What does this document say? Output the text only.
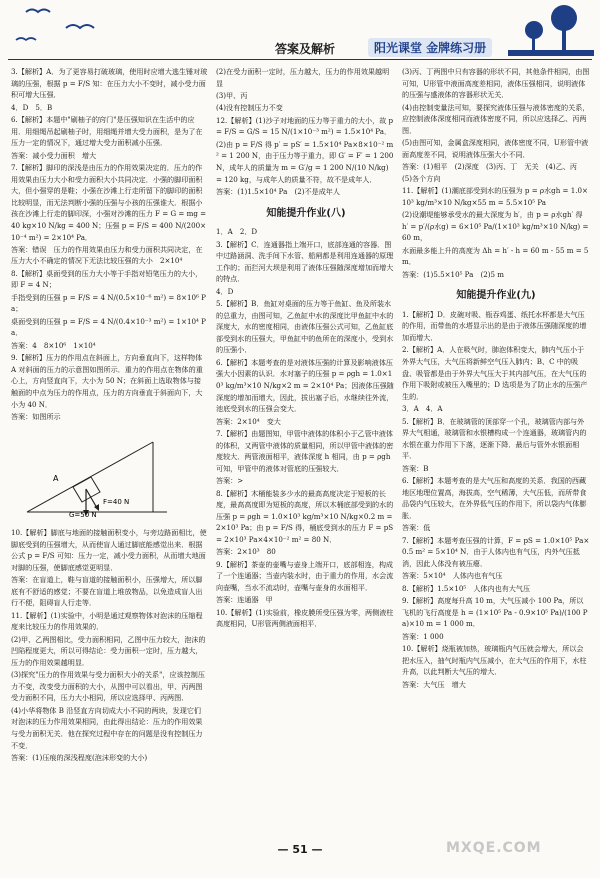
答案及解析	阳光课堂 金牌练习册

3.【解析】A．为了更容易打破玻璃，使用时应增大逃生锤对玻璃的压强，根据 p = F/S 知：在压力大小不变时，减小受力面积可增大压强．

4．D　5．B

6.【解析】本题中"刷柚子的窍门"是压强知识在生活中的应用．用细绳吊起刷柚子时，用细绳并增大受力面积，是为了在压力一定的情况下，通过增大受力面积减小压强．

答案：减小受力面积　增大

7.【解析】脚印的深浅是由压力的作用效果决定的．压力的作用效果由压力大小和受力面积大小共同决定．小强的脚印面积大，但小强穿的是鞋；小强在沙滩上行走所留下的脚印的面积比较明显，而无法判断小强的压强与小孩的压强谁大．根据小孩在沙滩上行走的脚印深，小强对沙滩的压力 F = G = mg = 40 kg×10 N/kg = 400 N；压强 p = F/S = 400 N/(200×10⁻⁴ m²) = 2×10⁴ Pa．

答案：错误　压力的作用效果由压力和受力面积共同决定，在压力大小不确定的情况下无法比较压强的大小　2×10⁴

8.【解析】桌面受到的压力大小等于手指对铅笔压力的大小，即 F = 4 N；

手指受到的压强 p = F/S = 4 N/(0.5×10⁻⁶ m²) = 8×10⁶ Pa；

桌面受到的压强 p = F/S = 4 N/(0.4×10⁻³ m²) = 1×10⁴ Pa．

答案：4　8×10⁶　1×10⁴

9.【解析】压力的作用点在斜面上，方向垂直向下，这样物体 A 对斜面的压力的示意图如图所示．重力的作用点在物体的重心上，方向竖直向下，大小为 50 N；在斜面上选取物体与接触面的中点为压力的作用点，压力的方向垂直于斜面向下，大小为 40 N．

答案：如图所示

A
F=40 N
G=50 N

10.【解析】脚底与地面的接触面积变小，与旁边路面相比，使脚底受到的压强增大，从而使盲人通过脚底能感觉出来．根据公式 p = F/S 可知：压力一定，减小受力面积，从而增大地面对脚的压强，使脚底感觉更明显．

答案：在盲道上，鞋与盲道的接触面积小，压强增大，所以脚底有不舒适的感觉；不要在盲道上堆放物品，以免造成盲人出行不便，阻碍盲人行走等．

11.【解析】(1)实验中，小明是通过观察物体对泡沫的压缩程度来比较压力的作用效果的．

(2)甲、乙两图相比，受力面积相同，乙图中压力较大，泡沫的凹陷程度更大，所以可得结论：受力面积一定时，压力越大，压力的作用效果越明显．

(3)探究"压力的作用效果与受力面积大小的关系"，应该控制压力不变，改变受力面积的大小，从图中可以看出，甲、丙两图受力面积不同，压力大小相同，所以应选择甲、丙两图．

(4)小华将物体 B 沿竖直方向切成大小不同的两块，发现它们对泡沫的压力作用效果相同，由此得出结论：压力的作用效果与受力面积无关．他在探究过程中存在的问题是没有控制压力不变．

答案：(1)压痕的深浅程度(泡沫形变的大小)

(2)在受力面积一定时，压力越大，压力的作用效果越明显

(3)甲、丙

(4)没有控制压力不变

12.【解析】(1)沙子对地面的压力等于重力的大小，故 p = F/S = G/S = 15 N/(1×10⁻³ m²) = 1.5×10⁴ Pa．

(2)由 p = F/S 得 p′ = pS′ = 1.5×10⁴ Pa×8×10⁻² m² = 1 200 N，由于压力等于重力，即 G′ = F′ = 1 200 N，成年人的质量为 m = G′/g = 1 200 N/(10 N/kg) = 120 kg，与成年人的质量不符，故不是成年人．

答案：(1)1.5×10⁴ Pa　(2)不是成年人

知能提升作业(八)

1．A　2．D

3.【解析】C．连通器指上端开口，底部连通的容器．图中过路涵洞、洗手间下水管、船闸都是利用连通器的原理工作的；而拦河大坝是利用了液体压强随深度增加而增大的特点．

4．D

5.【解析】B．鱼缸对桌面的压力等于鱼缸、鱼及所装水的总重力，由图可知，乙鱼缸中水的深度比甲鱼缸中水的深度大，水的密度相同，由液体压强公式可知，乙鱼缸底部受到水的压强大，甲鱼缸中的鱼所在的深度小，受到水的压强小．

6.【解析】本题考查的是对液体压强的计算及影响液体压强大小因素的认识．水对塞子的压强 p = ρgh = 1.0×10³ kg/m³×10 N/kg×2 m = 2×10⁴ Pa；因液体压强随深度的增加而增大，因此，拔出塞子后，水继续往外流，池底受到水的压强会变大．

答案：2×10⁴　变大

7.【解析】由题图知，甲管中液体的体积小于乙管中液体的体积，又两管中液体的质量相同，所以甲管中液体的密度较大．两管液面相平，液体深度 h 相同，由 p = ρgh 可知，甲管中的液体对管底的压强较大．

答案：>

8.【解析】木桶能装多少水的最高高度决定于短板的长度，最高高度即为短板的高度，所以木桶底部受到的水的压强 p = ρgh = 1.0×10³ kg/m³×10 N/kg×0.2 m = 2×10³ Pa；由 p = F/S 得，桶底受到水的压力 F = pS = 2×10³ Pa×4×10⁻² m² = 80 N．

答案：2×10³　80

9.【解析】茶壶的壶嘴与壶身上端开口，底部相连，构成了一个连通器；当壶内装水时，由于重力的作用，水会流向壶嘴，当水不流动时，壶嘴与壶身的水面相平．

答案：连通器　甲

10.【解析】(1)实验前，橡皮膜所受压强为零，两侧液柱高度相同，U形管两侧液面相平．

(3)丙、丁两图中只有容器的形状不同，其他条件相同，由图可知，U形管中液面高度差相同，液体压强相同，说明液体的压强与盛液体的容器形状无关．

(4)由控制变量法可知，要探究液体压强与液体密度的关系，应控制液体深度相同而液体密度不同，所以应选择乙、丙两图．

(5)由图可知，金属盒深度相同，液体密度不同，U形管中液面高度差不同，说明液体压强大小不同．

答案：(1)相平　(2)深度　(3)丙、丁　无关　(4)乙、丙　(5)各个方向

11.【解析】(1)潮底部受到水的压强为 p = ρ水gh = 1.0×10³ kg/m³×10 N/kg×55 m = 5.5×10⁵ Pa

(2)设潮堤能够承受水的最大深度为 h′，由 p = ρ水gh′ 得 h′ = p′/(ρ水g) = 6×10⁵ Pa/(1×10³ kg/m³×10 N/kg) = 60 m，

水面最多能上升的高度为 Δh = h′ - h = 60 m - 55 m = 5 m．

答案：(1)5.5×10⁵ Pa　(2)5 m

知能提升作业(九)

1.【解析】D．皮碗对吸、瓶吞鸡蛋、纸托水杯都是大气压的作用，而带鱼的水塔显示出的是由于液体压强随深度的增加而增大．

2.【解析】A．人在吸气时，肺泡体积变大，肺内气压小于外界大气压，大气压将新鲜空气压入肺内；B、C 中的吸盘、吸管都是由于外界大气压大于其内部气压，在大气压的作用下吸附或被压入嘴里的；D 选项是为了防止水的压强产生的．

3．A　4．A

5.【解析】B．在玻璃管的顶部穿一个孔，玻璃管内部与外界大气相通，玻璃管和水银槽构成一个连通器，玻璃管内的水银在重力作用下下落，逐渐下降．最后与管外水银面相平．

答案：B

6.【解析】本题考查的是大气压和高度的关系．我国的西藏地区地理位置高，海拔高，空气稀薄，大气压低，而所带食品袋内气压较大，在外界低气压的作用下，所以袋内气体膨胀．

答案：低

7.【解析】本题考查压强的计算，F = pS = 1.0×10⁵ Pa×0.5 m² = 5×10⁴ N．由于人体内也有气压，内外气压抵消，因此人体没有被压瘪．

答案：5×10⁴　人体内也有气压

8.【解析】1.5×10⁵　人体内也有大气压

9.【解析】高度每升高 10 m，大气压减小 100 Pa，所以飞机的飞行高度是 h = (1×10⁵ Pa - 0.9×10⁵ Pa)/(100 Pa)×10 m = 1 000 m．

答案：1 000

10.【解析】烧瓶被加热，玻璃瓶内气压就会增大，所以会把水压入，抽气时瓶内气压减小，在大气压的作用下，水柱升高，以此判断大气压的增大．

答案：大气压　增大

— 51 —	MXQE.COM
